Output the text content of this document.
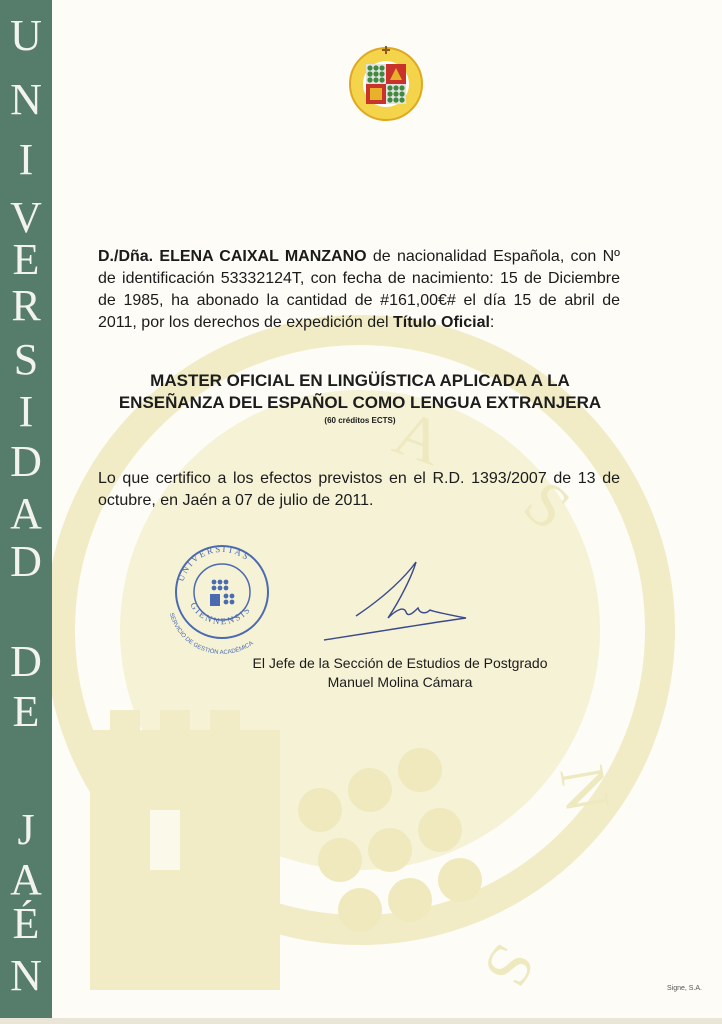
A
S
N
S
U
N
I
V
E
R
S
I
D
A
D
D
E
J
A
É
N
D./Dña. ELENA CAIXAL MANZANO de nacionalidad Española, con Nº de identificación 53332124T, con fecha de nacimiento: 15 de Diciembre de 1985, ha abonado la cantidad de #161,00€# el día 15 de abril de 2011, por los derechos de expedición del Título Oficial:
MASTER OFICIAL EN LINGÜÍSTICA APLICADA A LA
ENSEÑANZA DEL ESPAÑOL COMO LENGUA EXTRANJERA
(60 créditos ECTS)
Lo que certifico a los efectos previstos en el R.D. 1393/2007 de 13 de octubre, en Jaén a 07 de julio de 2011.
UNIVERSITAS
GIENNENSIS
SERVICIO DE GESTIÓN ACADÉMICA
El Jefe de la Sección de Estudios de Postgrado
Manuel Molina Cámara
Signe, S.A.
